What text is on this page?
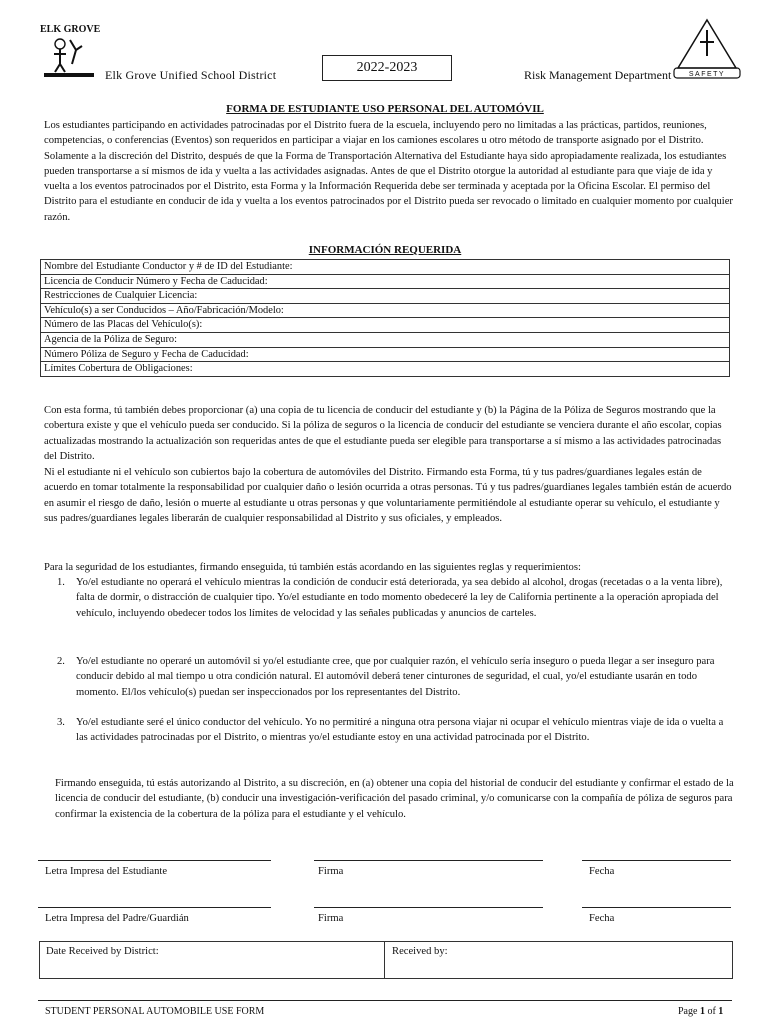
ELK GROVE
Elk Grove Unified School District	2022-2023	Risk Management Department	SAFETY
FORMA DE ESTUDIANTE USO PERSONAL DEL AUTOMÓVIL
Los estudiantes participando en actividades patrocinadas por el Distrito fuera de la escuela, incluyendo pero no limitadas a las prácticas, partidos, reuniones, competencias, o conferencias (Eventos) son requeridos en participar a viajar en los camiones escolares u otro método de transporte asignado por el Distrito. Solamente a la discreción del Distrito, después de que la Forma de Transportación Alternativa del Estudiante haya sido apropiadamente realizada, los estudiantes pueden transportarse a sí mismos de ida y vuelta a las actividades asignadas. Antes de que el Distrito otorgue la autoridad al estudiante para que viaje de ida y vuelta a los eventos patrocinados por el Distrito, esta Forma y la Información Requerida debe ser terminada y aceptada por la Oficina Escolar. El permiso del Distrito para el estudiante en conducir de ida y vuelta a los eventos patrocinados por el Distrito pueda ser revocado o limitado en cualquier momento por cualquier razón.
INFORMACIÓN REQUERIDA
Nombre del Estudiante Conductor y # de ID del Estudiante:
Licencia de Conducir Número y Fecha de Caducidad:
Restricciones de Cualquier Licencia:
Vehículo(s) a ser Conducidos – Año/Fabricación/Modelo:
Número de las Placas del Vehículo(s):
Agencia de la Póliza de Seguro:
Número Póliza de Seguro y Fecha de Caducidad:
Límites Cobertura de Obligaciones:
Con esta forma, tú también debes proporcionar (a) una copia de tu licencia de conducir del estudiante y (b) la Página de la Póliza de Seguros mostrando que la cobertura existe y que el vehículo pueda ser conducido. Si la póliza de seguros o la licencia de conducir del estudiante se venciera durante el año escolar, copias actualizadas mostrando la actualización son requeridas antes de que el estudiante pueda ser elegible para transportarse a sí mismo a las actividades patrocinadas del Distrito.
Ni el estudiante ni el vehículo son cubiertos bajo la cobertura de automóviles del Distrito. Firmando esta Forma, tú y tus padres/guardianes legales están de acuerdo en tomar totalmente la responsabilidad por cualquier daño o lesión ocurrida a otras personas. Tú y tus padres/guardianes legales también están de acuerdo en asumir el riesgo de daño, lesión o muerte al estudiante u otras personas y que voluntariamente permitiéndole al estudiante operar su vehículo, el estudiante y sus padres/guardianes legales liberarán de cualquier responsabilidad al Distrito y sus oficiales, y empleados.
Para la seguridad de los estudiantes, firmando enseguida, tú también estás acordando en las siguientes reglas y requerimientos:
1. Yo/el estudiante no operará el vehículo mientras la condición de conducir está deteriorada, ya sea debido al alcohol, drogas (recetadas o a la venta libre), falta de dormir, o distracción de cualquier tipo. Yo/el estudiante en todo momento obedeceré la ley de California pertinente a la operación apropiada del vehículo, incluyendo obedecer todos los límites de velocidad y las señales publicadas y anuncios de carteles.
2. Yo/el estudiante no operaré un automóvil si yo/el estudiante cree, que por cualquier razón, el vehículo sería inseguro o pueda llegar a ser inseguro para conducir debido al mal tiempo u otra condición natural. El automóvil deberá tener cinturones de seguridad, el cual, yo/el estudiante usarán en todo momento. El/los vehículo(s) puedan ser inspeccionados por los representantes del Distrito.
3. Yo/el estudiante seré el único conductor del vehículo. Yo no permitiré a ninguna otra persona viajar ni ocupar el vehículo mientras viaje de ida o vuelta a las actividades patrocinadas por el Distrito, o mientras yo/el estudiante estoy en una actividad patrocinada por el Distrito.
Firmando enseguida, tú estás autorizando al Distrito, a su discreción, en (a) obtener una copia del historial de conducir del estudiante y confirmar el estado de la licencia de conducir del estudiante, (b) conducir una investigación-verificación del pasado criminal, y/o comunicarse con la compañía de póliza de seguros para confirmar la existencia de la cobertura de la póliza para el estudiante y el vehículo.
Letra Impresa del Estudiante	Firma	Fecha
Letra Impresa del Padre/Guardián	Firma	Fecha
Date Received by District:	Received by:
STUDENT PERSONAL AUTOMOBILE USE FORM	Page 1 of 1
